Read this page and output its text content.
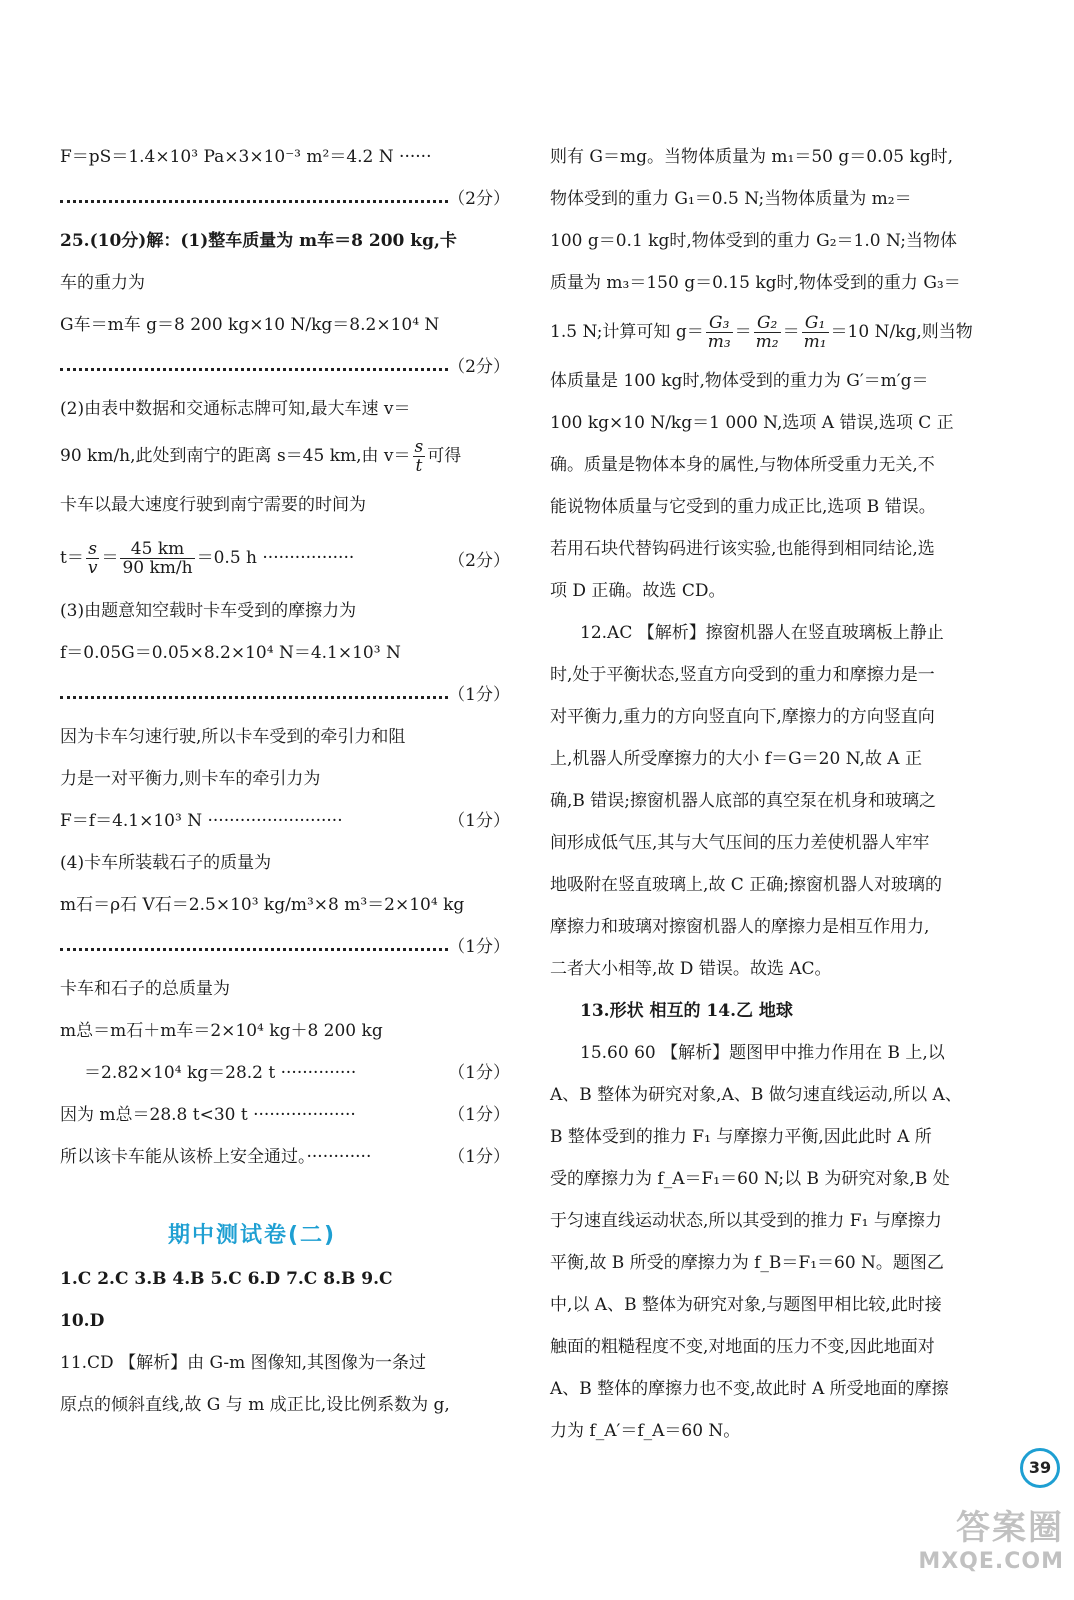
F＝pS＝1.4×10³ Pa×3×10⁻³ m²＝4.2 N ······
（2分）
25.(10分)解：(1)整车质量为 m车＝8 200 kg,卡
车的重力为
G车＝m车 g＝8 200 kg×10 N/kg＝8.2×10⁴ N
（2分）
(2)由表中数据和交通标志牌可知,最大车速 v＝
90 km/h,此处到南宁的距离 s＝45 km,由 $v= \frac{s}{t}$ 可得
卡车以最大速度行驶到南宁需要的时间为
$t= \frac{s}{v} = \frac{45 km}{90 km/h} =0.5$ h ·················	（2分）
(3)由题意知空载时卡车受到的摩擦力为
f＝0.05G＝0.05×8.2×10⁴ N＝4.1×10³ N
（1分）
因为卡车匀速行驶,所以卡车受到的牵引力和阻
力是一对平衡力,则卡车的牵引力为
F＝f＝4.1×10³ N ·························	（1分）
(4)卡车所装载石子的质量为
m石＝ρ石 V石＝2.5×10³ kg/m³×8 m³＝2×10⁴ kg
（1分）
卡车和石子的总质量为
m总＝m石＋m车＝2×10⁴ kg＋8 200 kg
＝2.82×10⁴ kg＝28.2 t ··············	（1分）
因为 m总＝28.8 t<30 t ···················	（1分）
所以该卡车能从该桥上安全通过。············	（1分）
期中测试卷(二)
1.C 2.C 3.B 4.B 5.C 6.D 7.C 8.B 9.C
10.D
11.CD 【解析】由 G-m 图像知,其图像为一条过
原点的倾斜直线,故 G 与 m 成正比,设比例系数为 g,
则有 G＝mg。当物体质量为 m₁＝50 g＝0.05 kg时,
物体受到的重力 G₁＝0.5 N;当物体质量为 m₂＝
100 g＝0.1 kg时,物体受到的重力 G₂＝1.0 N;当物体
质量为 m₃＝150 g＝0.15 kg时,物体受到的重力 G₃＝
1.5 N;计算可知 $g= \frac{\text{G₃}}{\text{m₃}} = \frac{\text{G₂}}{\text{m₂}} = \frac{\text{G₁}}{\text{m₁}} =10$ N/kg,则当物
体质量是 100 kg时,物体受到的重力为 G′＝m′g＝
100 kg×10 N/kg＝1 000 N,选项 A 错误,选项 C 正
确。质量是物体本身的属性,与物体所受重力无关,不
能说物体质量与它受到的重力成正比,选项 B 错误。
若用石块代替钩码进行该实验,也能得到相同结论,选
项 D 正确。故选 CD。
12.AC 【解析】擦窗机器人在竖直玻璃板上静止
时,处于平衡状态,竖直方向受到的重力和摩擦力是一
对平衡力,重力的方向竖直向下,摩擦力的方向竖直向
上,机器人所受摩擦力的大小 f＝G＝20 N,故 A 正
确,B 错误;擦窗机器人底部的真空泵在机身和玻璃之
间形成低气压,其与大气压间的压力差使机器人牢牢
地吸附在竖直玻璃上,故 C 正确;擦窗机器人对玻璃的
摩擦力和玻璃对擦窗机器人的摩擦力是相互作用力,
二者大小相等,故 D 错误。故选 AC。
13.形状 相互的 14.乙 地球
15.60 60 【解析】题图甲中推力作用在 B 上,以
A、B 整体为研究对象,A、B 做匀速直线运动,所以 A、
B 整体受到的推力 F₁ 与摩擦力平衡,因此此时 A 所
受的摩擦力为 f_A＝F₁＝60 N;以 B 为研究对象,B 处
于匀速直线运动状态,所以其受到的推力 F₁ 与摩擦力
平衡,故 B 所受的摩擦力为 f_B＝F₁＝60 N。题图乙
中,以 A、B 整体为研究对象,与题图甲相比较,此时接
触面的粗糙程度不变,对地面的压力不变,因此地面对
A、B 整体的摩擦力也不变,故此时 A 所受地面的摩擦
力为 f_A′＝f_A＝60 N。
39
答案圈
MXQE.COM
